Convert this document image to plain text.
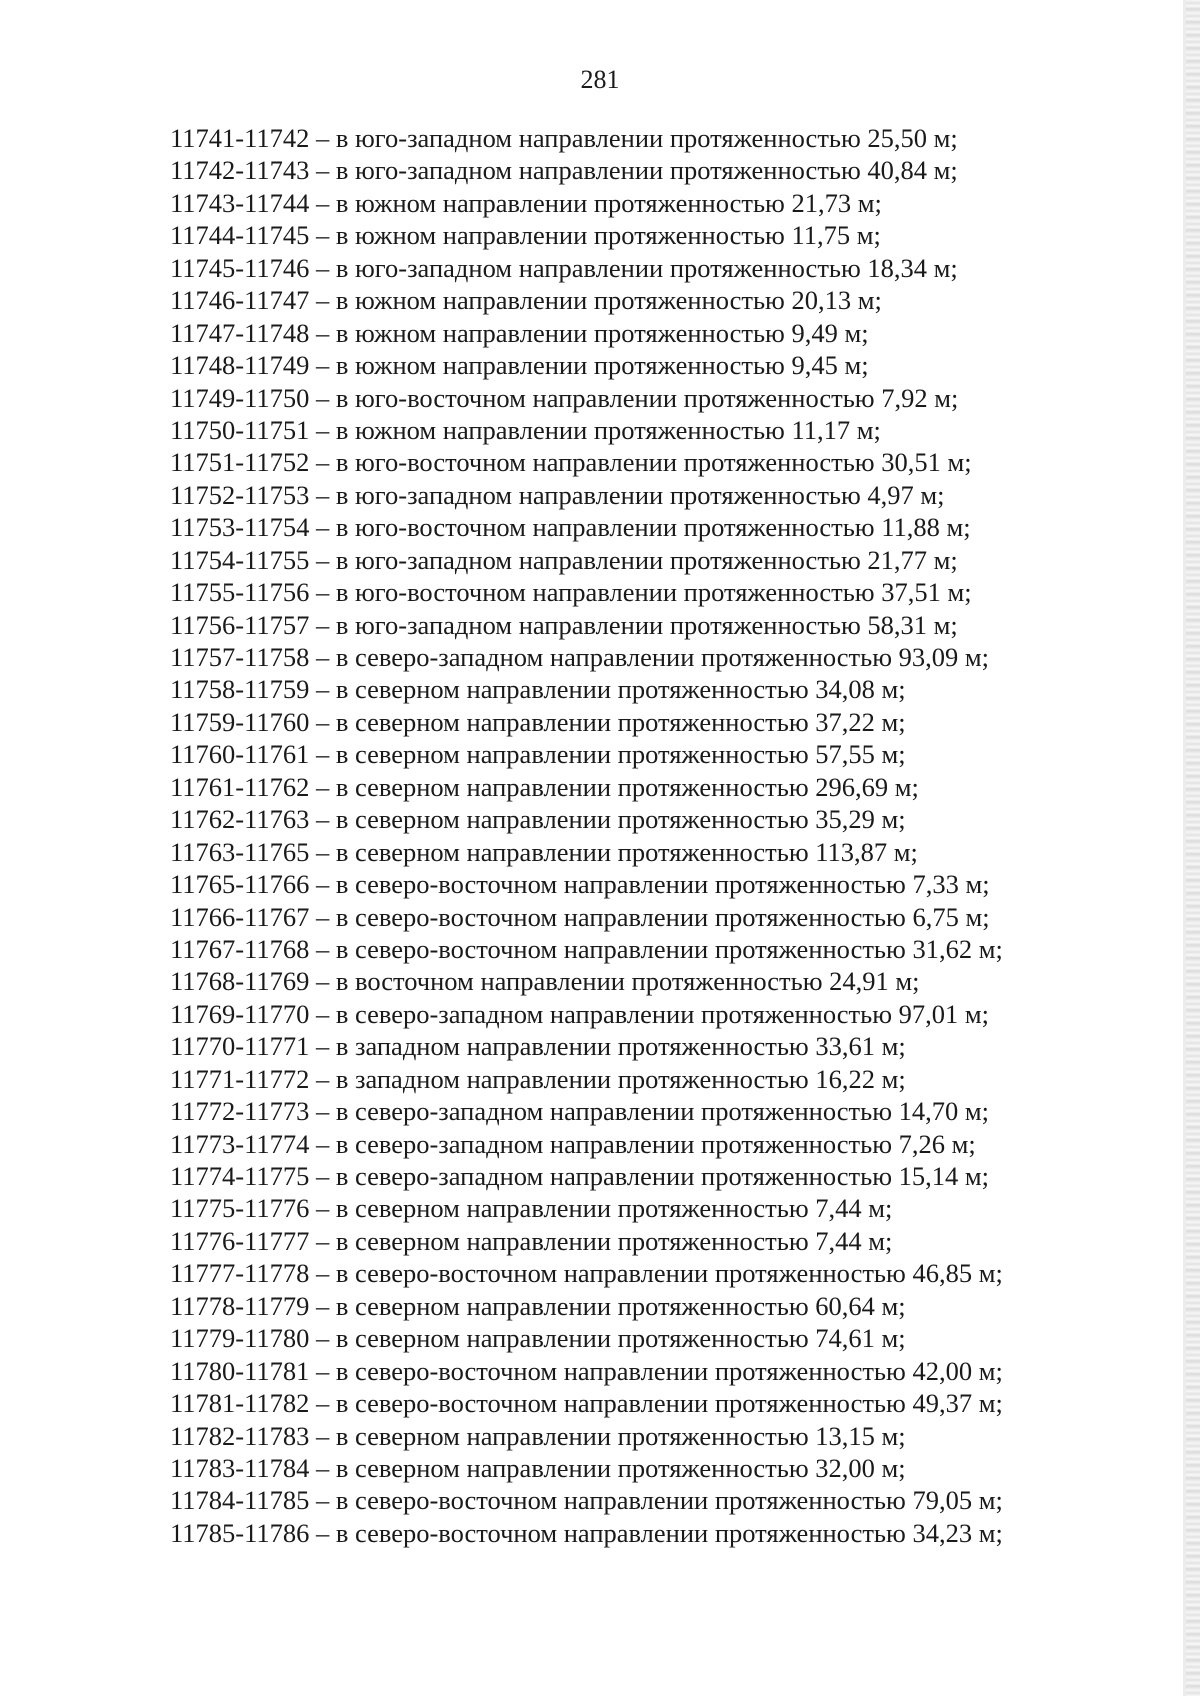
281
11741-11742 – в юго-западном направлении протяженностью 25,50 м;
11742-11743 – в юго-западном направлении протяженностью 40,84 м;
11743-11744 – в южном направлении протяженностью 21,73 м;
11744-11745 – в южном направлении протяженностью 11,75 м;
11745-11746 – в юго-западном направлении протяженностью 18,34 м;
11746-11747 – в южном направлении протяженностью 20,13 м;
11747-11748 – в южном направлении протяженностью 9,49 м;
11748-11749 – в южном направлении протяженностью 9,45 м;
11749-11750 – в юго-восточном направлении протяженностью 7,92 м;
11750-11751 – в южном направлении протяженностью 11,17 м;
11751-11752 – в юго-восточном направлении протяженностью 30,51 м;
11752-11753 – в юго-западном направлении протяженностью 4,97 м;
11753-11754 – в юго-восточном направлении протяженностью 11,88 м;
11754-11755 – в юго-западном направлении протяженностью 21,77 м;
11755-11756 – в юго-восточном направлении протяженностью 37,51 м;
11756-11757 – в юго-западном направлении протяженностью 58,31 м;
11757-11758 – в северо-западном направлении протяженностью 93,09 м;
11758-11759 – в северном направлении протяженностью 34,08 м;
11759-11760 – в северном направлении протяженностью 37,22 м;
11760-11761 – в северном направлении протяженностью 57,55 м;
11761-11762 – в северном направлении протяженностью 296,69 м;
11762-11763 – в северном направлении протяженностью 35,29 м;
11763-11765 – в северном направлении протяженностью 113,87 м;
11765-11766 – в северо-восточном направлении протяженностью 7,33 м;
11766-11767 – в северо-восточном направлении протяженностью 6,75 м;
11767-11768 – в северо-восточном направлении протяженностью 31,62 м;
11768-11769 – в восточном направлении протяженностью 24,91 м;
11769-11770 – в северо-западном направлении протяженностью 97,01 м;
11770-11771 – в западном направлении протяженностью 33,61 м;
11771-11772 – в западном направлении протяженностью 16,22 м;
11772-11773 – в северо-западном направлении протяженностью 14,70 м;
11773-11774 – в северо-западном направлении протяженностью 7,26 м;
11774-11775 – в северо-западном направлении протяженностью 15,14 м;
11775-11776 – в северном направлении протяженностью 7,44 м;
11776-11777 – в северном направлении протяженностью 7,44 м;
11777-11778 – в северо-восточном направлении протяженностью 46,85 м;
11778-11779 – в северном направлении протяженностью 60,64 м;
11779-11780 – в северном направлении протяженностью 74,61 м;
11780-11781 – в северо-восточном направлении протяженностью 42,00 м;
11781-11782 – в северо-восточном направлении протяженностью 49,37 м;
11782-11783 – в северном направлении протяженностью 13,15 м;
11783-11784 – в северном направлении протяженностью 32,00 м;
11784-11785 – в северо-восточном направлении протяженностью 79,05 м;
11785-11786 – в северо-восточном направлении протяженностью 34,23 м;
